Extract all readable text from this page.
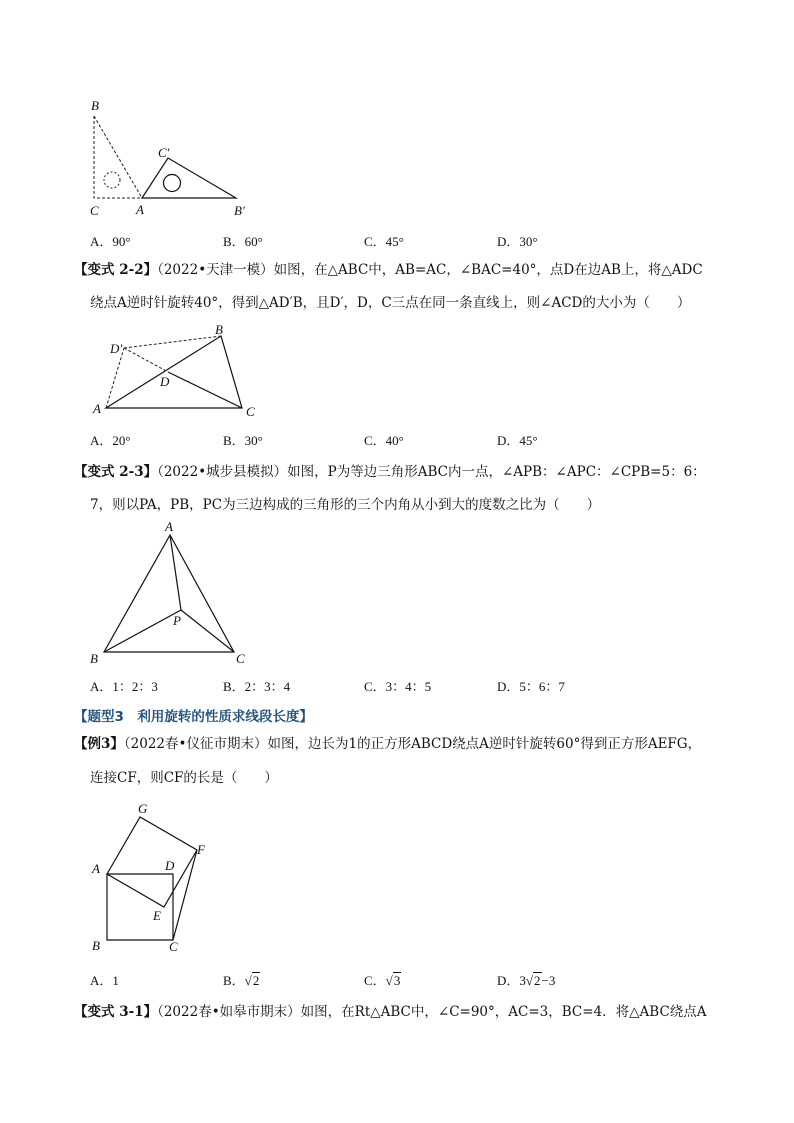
B
C′
C	A	B′
A．90°	B．60°	C．45°	D．30°
【变式 2-2】（2022•天津一模）如图，在△ABC中，AB=AC，∠BAC=40°，点D在边AB上，将△ADC
绕点A逆时针旋转40°，得到△AD′B，且D′，D，C三点在同一条直线上，则∠ACD的大小为（　　）
D′
B
D
A	C
A．20°	B．30°	C．40°	D．45°
【变式 2-3】（2022•城步县模拟）如图，P为等边三角形ABC内一点，∠APB：∠APC：∠CPB=5：6：
7，则以PA，PB，PC为三边构成的三角形的三个内角从小到大的度数之比为（　　）
A
P
B	C
A．1：2：3	B．2：3：4	C．3：4：5	D．5：6：7
【题型3　利用旋转的性质求线段长度】
【例3】（2022春•仪征市期末）如图，边长为1的正方形ABCD绕点A逆时针旋转60°得到正方形AEFG，
连接CF，则CF的长是（　　）
G
F
A	D
E
B	C
A．1	B．√2	C．√3	D．3√2−3
【变式 3-1】（2022春•如皋市期末）如图，在Rt△ABC中，∠C=90°，AC=3，BC=4．将△ABC绕点A
